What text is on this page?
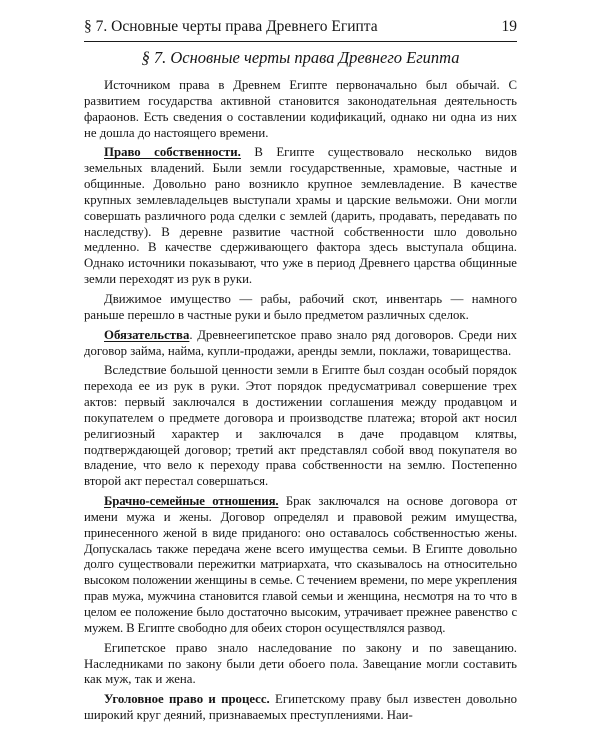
§ 7. Основные черты права Древнего Египта	19
§ 7. Основные черты права Древнего Египта

Источником права в Древнем Египте первоначально был обычай. С развитием государства активной становится законодательная деятельность фараонов. Есть сведения о составлении кодификаций, однако ни одна из них не дошла до настоящего времени.

Право собственности. В Египте существовало несколько видов земельных владений. Были земли государственные, храмовые, частные и общинные. Довольно рано возникло крупное землевладение. В качестве крупных землевладельцев выступали храмы и царские вельможи. Они могли совершать различного рода сделки с землей (дарить, продавать, передавать по наследству). В деревне развитие частной собственности шло довольно медленно. В качестве сдерживающего фактора здесь выступала община. Однако источники показывают, что уже в период Древнего царства общинные земли переходят из рук в руки.

Движимое имущество — рабы, рабочий скот, инвентарь — намного раньше перешло в частные руки и было предметом различных сделок.

Обязательства. Древнеегипетское право знало ряд договоров. Среди них договор займа, найма, купли-продажи, аренды земли, поклажи, товарищества.

Вследствие большой ценности земли в Египте был создан особый порядок перехода ее из рук в руки. Этот порядок предусматривал совершение трех актов: первый заключался в достижении соглашения между продавцом и покупателем о предмете договора и производстве платежа; второй акт носил религиозный характер и заключался в даче продавцом клятвы, подтверждающей договор; третий акт представлял собой ввод покупателя во владение, что вело к переходу права собственности на землю. Постепенно второй акт перестал совершаться.

Брачно-семейные отношения. Брак заключался на основе договора от имени мужа и жены. Договор определял и правовой режим имущества, принесенного женой в виде приданого: оно оставалось собственностью жены. Допускалась также передача жене всего имущества семьи. В Египте довольно долго существовали пережитки матриархата, что сказывалось на относительно высоком положении женщины в семье. С течением времени, по мере укрепления прав мужа, мужчина становится главой семьи и женщина, несмотря на то что в целом ее положение было достаточно высоким, утрачивает прежнее равенство с мужем. В Египте свободно для обеих сторон осуществлялся развод.

Египетское право знало наследование по закону и по завещанию. Наследниками по закону были дети обоего пола. Завещание могли составить как муж, так и жена.

Уголовное право и процесс. Египетскому праву был известен довольно широкий круг деяний, признаваемых преступлениями. Наи-
